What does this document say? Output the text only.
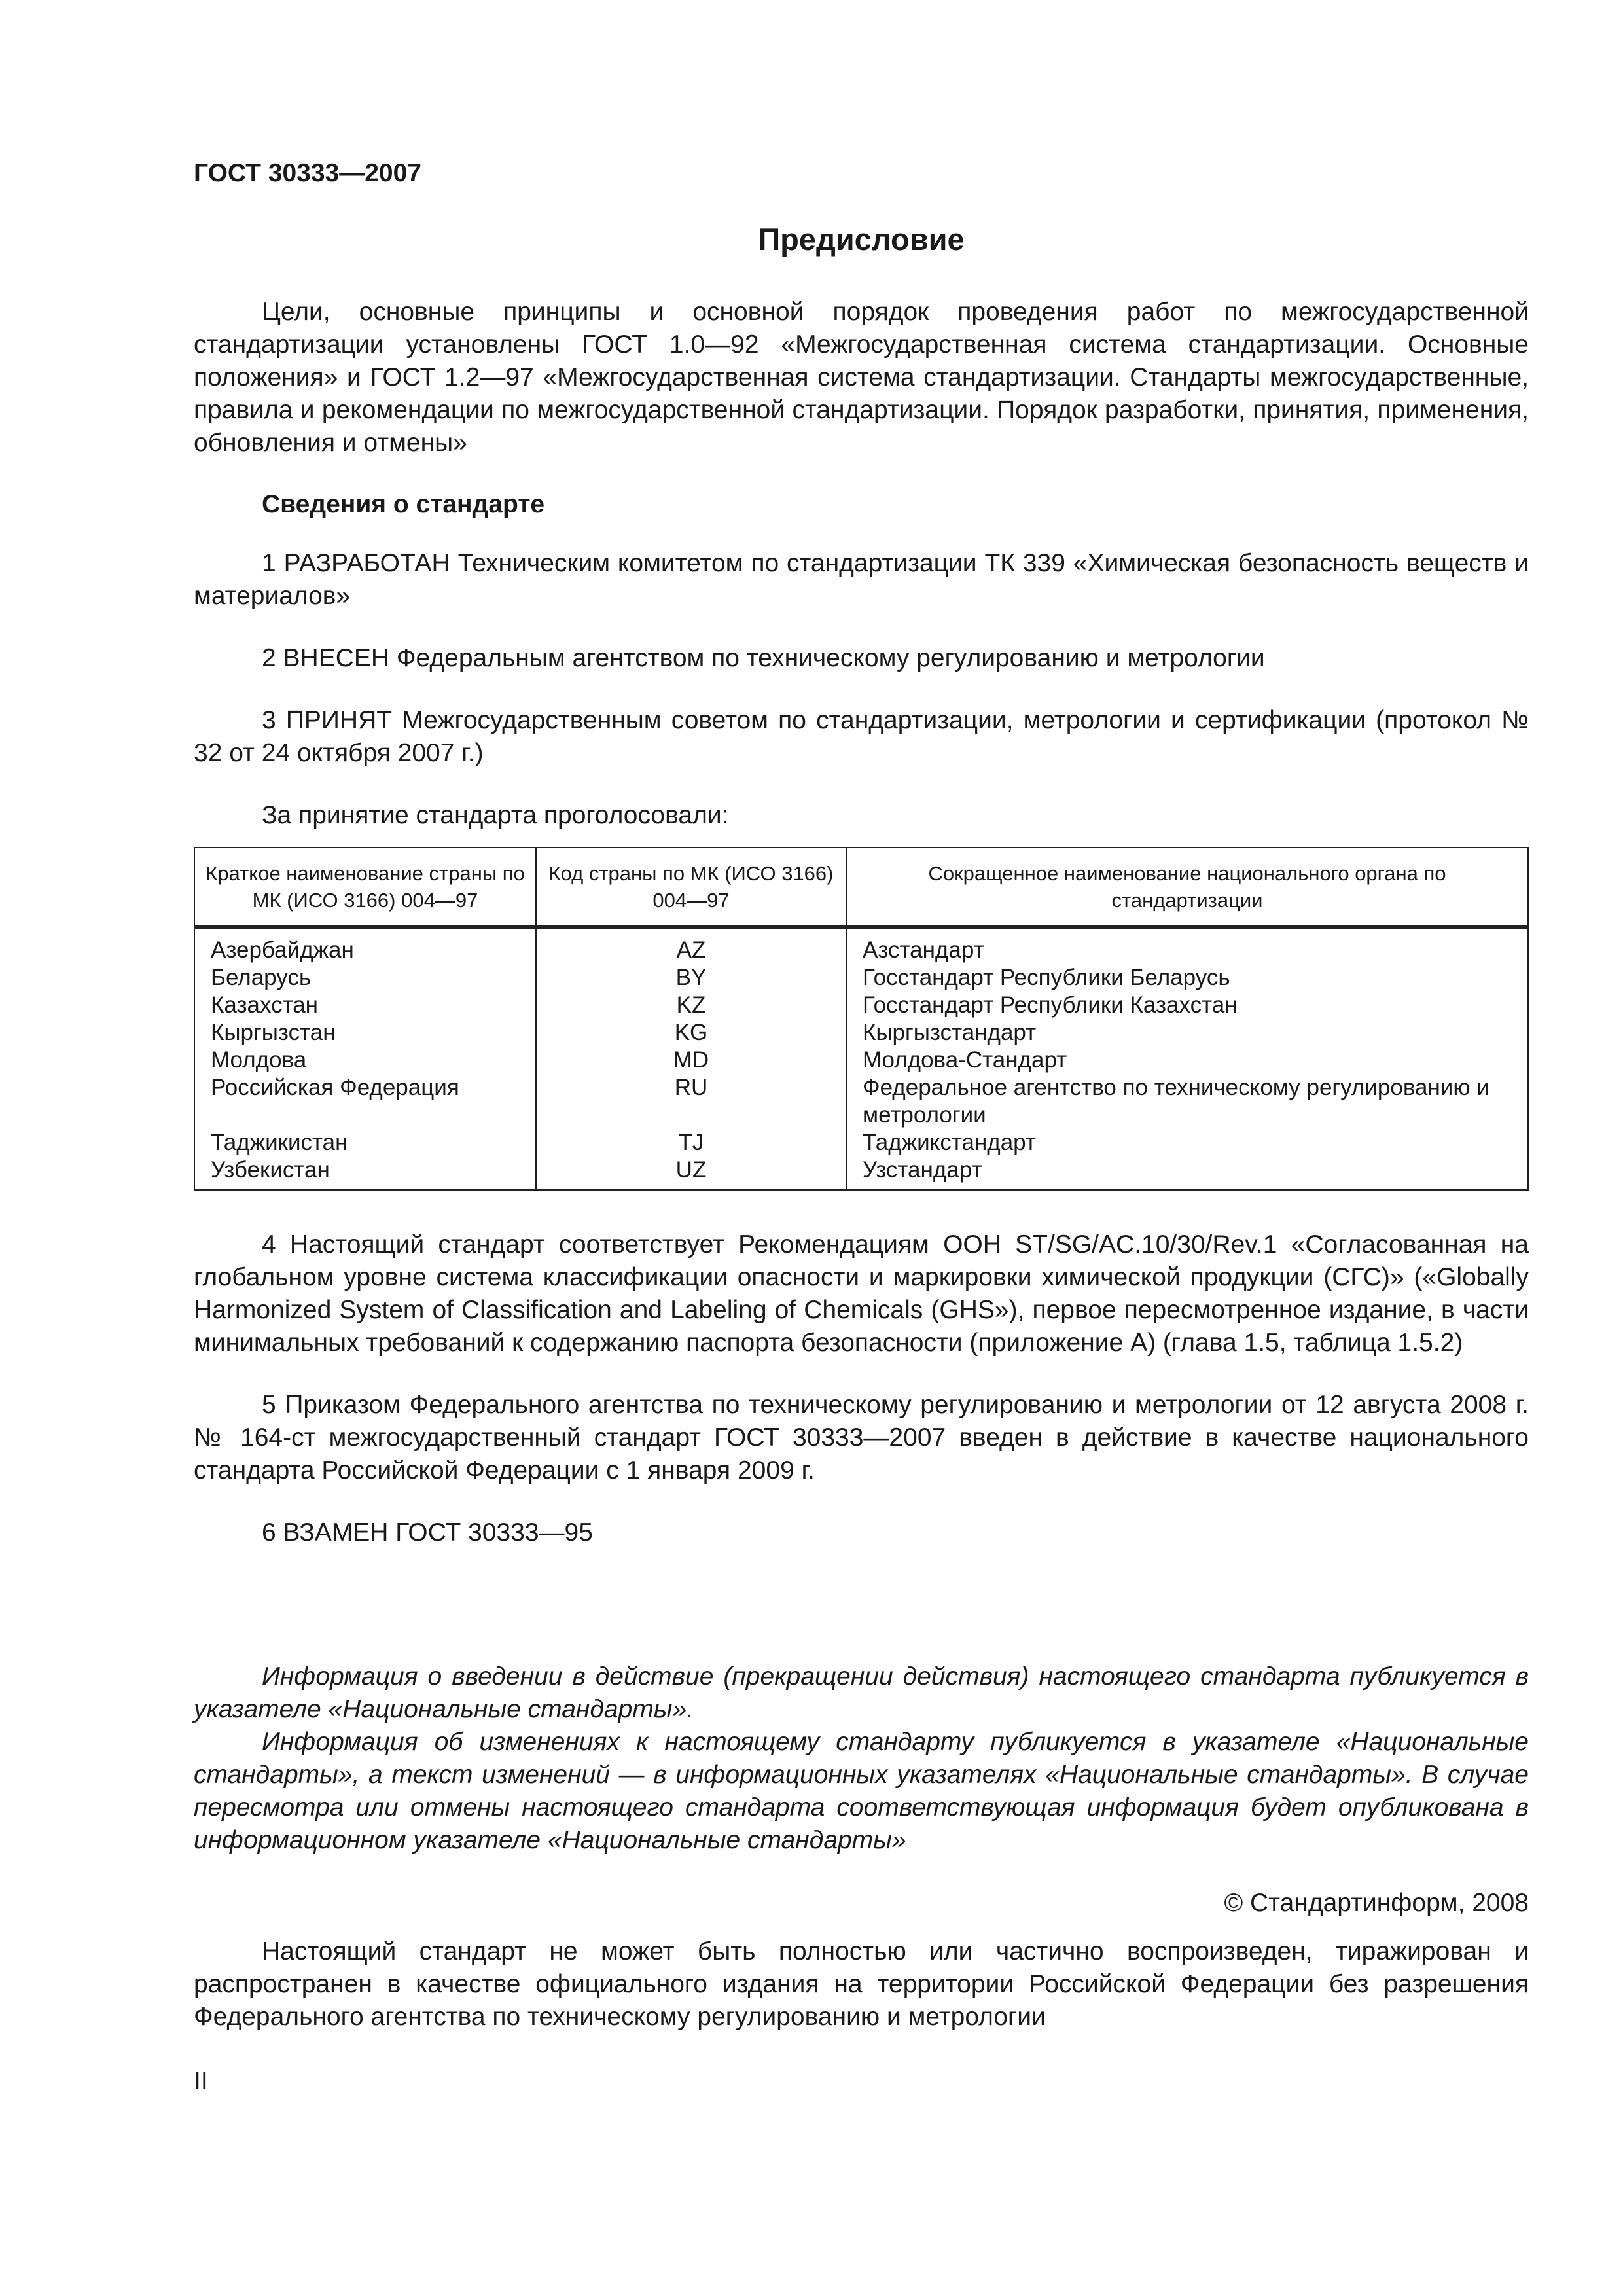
ГОСТ 30333—2007

Предисловие

Цели, основные принципы и основной порядок проведения работ по межгосударственной стандартизации установлены ГОСТ 1.0—92 «Межгосударственная система стандартизации. Основные положения» и ГОСТ 1.2—97 «Межгосударственная система стандартизации. Стандарты межгосударственные, правила и рекомендации по межгосударственной стандартизации. Порядок разработки, принятия, применения, обновления и отмены»

Сведения о стандарте

1 РАЗРАБОТАН Техническим комитетом по стандартизации ТК 339 «Химическая безопасность веществ и материалов»

2 ВНЕСЕН Федеральным агентством по техническому регулированию и метрологии

3 ПРИНЯТ Межгосударственным советом по стандартизации, метрологии и сертификации (протокол № 32 от 24 октября 2007 г.)

За принятие стандарта проголосовали:

Краткое наименование страны по МК (ИСО 3166) 004—97	Код страны по МК (ИСО 3166) 004—97	Сокращенное наименование национального органа по стандартизации
Азербайджан	AZ	Азстандарт
Беларусь	BY	Госстандарт Республики Беларусь
Казахстан	KZ	Госстандарт Республики Казахстан
Кыргызстан	KG	Кыргызстандарт
Молдова	MD	Молдова-Стандарт
Российская Федерация	RU	Федеральное агентство по техническому регулированию и метрологии
Таджикистан	TJ	Таджикстандарт
Узбекистан	UZ	Узстандарт

4 Настоящий стандарт соответствует Рекомендациям ООН ST/SG/AC.10/30/Rev.1 «Согласованная на глобальном уровне система классификации опасности и маркировки химической продукции (СГС)» («Globally Harmonized System of Classification and Labeling of Chemicals (GHS»), первое пересмотренное издание, в части минимальных требований к содержанию паспорта безопасности (приложение А) (глава 1.5, таблица 1.5.2)

5 Приказом Федерального агентства по техническому регулированию и метрологии от 12 августа 2008 г. № 164-ст межгосударственный стандарт ГОСТ 30333—2007 введен в действие в качестве национального стандарта Российской Федерации с 1 января 2009 г.

6 ВЗАМЕН ГОСТ 30333—95

Информация о введении в действие (прекращении действия) настоящего стандарта публикуется в указателе «Национальные стандарты».

Информация об изменениях к настоящему стандарту публикуется в указателе «Национальные стандарты», а текст изменений — в информационных указателях «Национальные стандарты». В случае пересмотра или отмены настоящего стандарта соответствующая информация будет опубликована в информационном указателе «Национальные стандарты»

© Стандартинформ, 2008

Настоящий стандарт не может быть полностью или частично воспроизведен, тиражирован и распространен в качестве официального издания на территории Российской Федерации без разрешения Федерального агентства по техническому регулированию и метрологии

II
